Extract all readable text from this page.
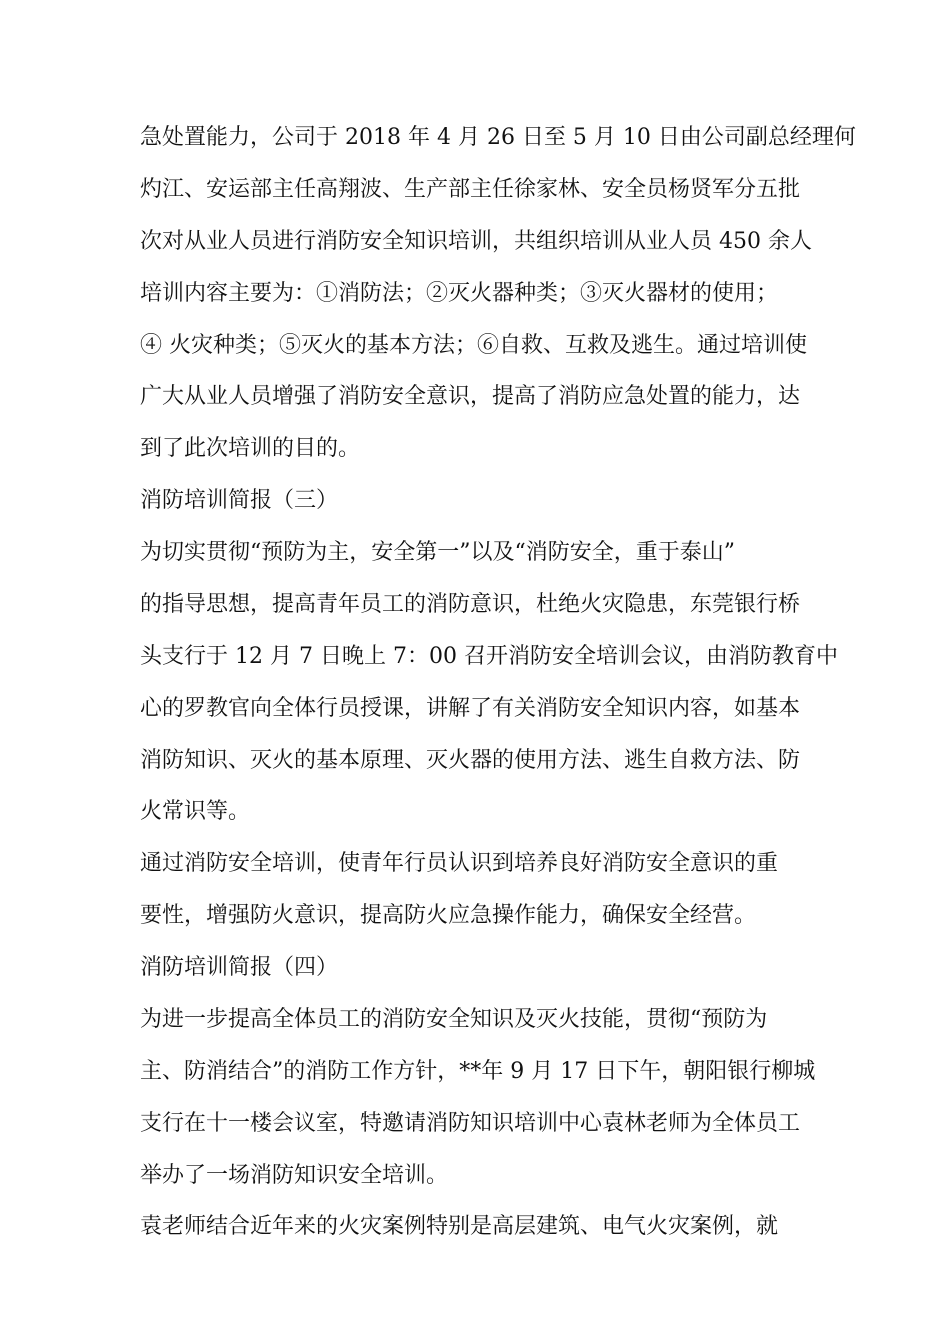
急处置能力，公司于 2018 年 4 月 26 日至 5 月 10 日由公司副总经理何

灼江、安运部主任高翔波、生产部主任徐家林、安全员杨贤军分五批

次对从业人员进行消防安全知识培训，共组织培训从业人员 450 余人

培训内容主要为：①消防法；②灭火器种类；③灭火器材的使用；

④ 火灾种类；⑤灭火的基本方法；⑥自救、互救及逃生。通过培训使

广大从业人员增强了消防安全意识，提高了消防应急处置的能力，达

到了此次培训的目的。

消防培训简报（三）

为切实贯彻“预防为主，安全第一”以及“消防安全，重于泰山”

的指导思想，提高青年员工的消防意识，杜绝火灾隐患，东莞银行桥

头支行于 12 月 7 日晚上 7：00 召开消防安全培训会议，由消防教育中

心的罗教官向全体行员授课，讲解了有关消防安全知识内容，如基本

消防知识、灭火的基本原理、灭火器的使用方法、逃生自救方法、防

火常识等。

通过消防安全培训，使青年行员认识到培养良好消防安全意识的重

要性，增强防火意识，提高防火应急操作能力，确保安全经营。

消防培训简报（四）

为进一步提高全体员工的消防安全知识及灭火技能，贯彻“预防为

主、防消结合”的消防工作方针，**年 9 月 17 日下午，朝阳银行柳城

支行在十一楼会议室，特邀请消防知识培训中心袁林老师为全体员工

举办了一场消防知识安全培训。

袁老师结合近年来的火灾案例特别是高层建筑、电气火灾案例，就
